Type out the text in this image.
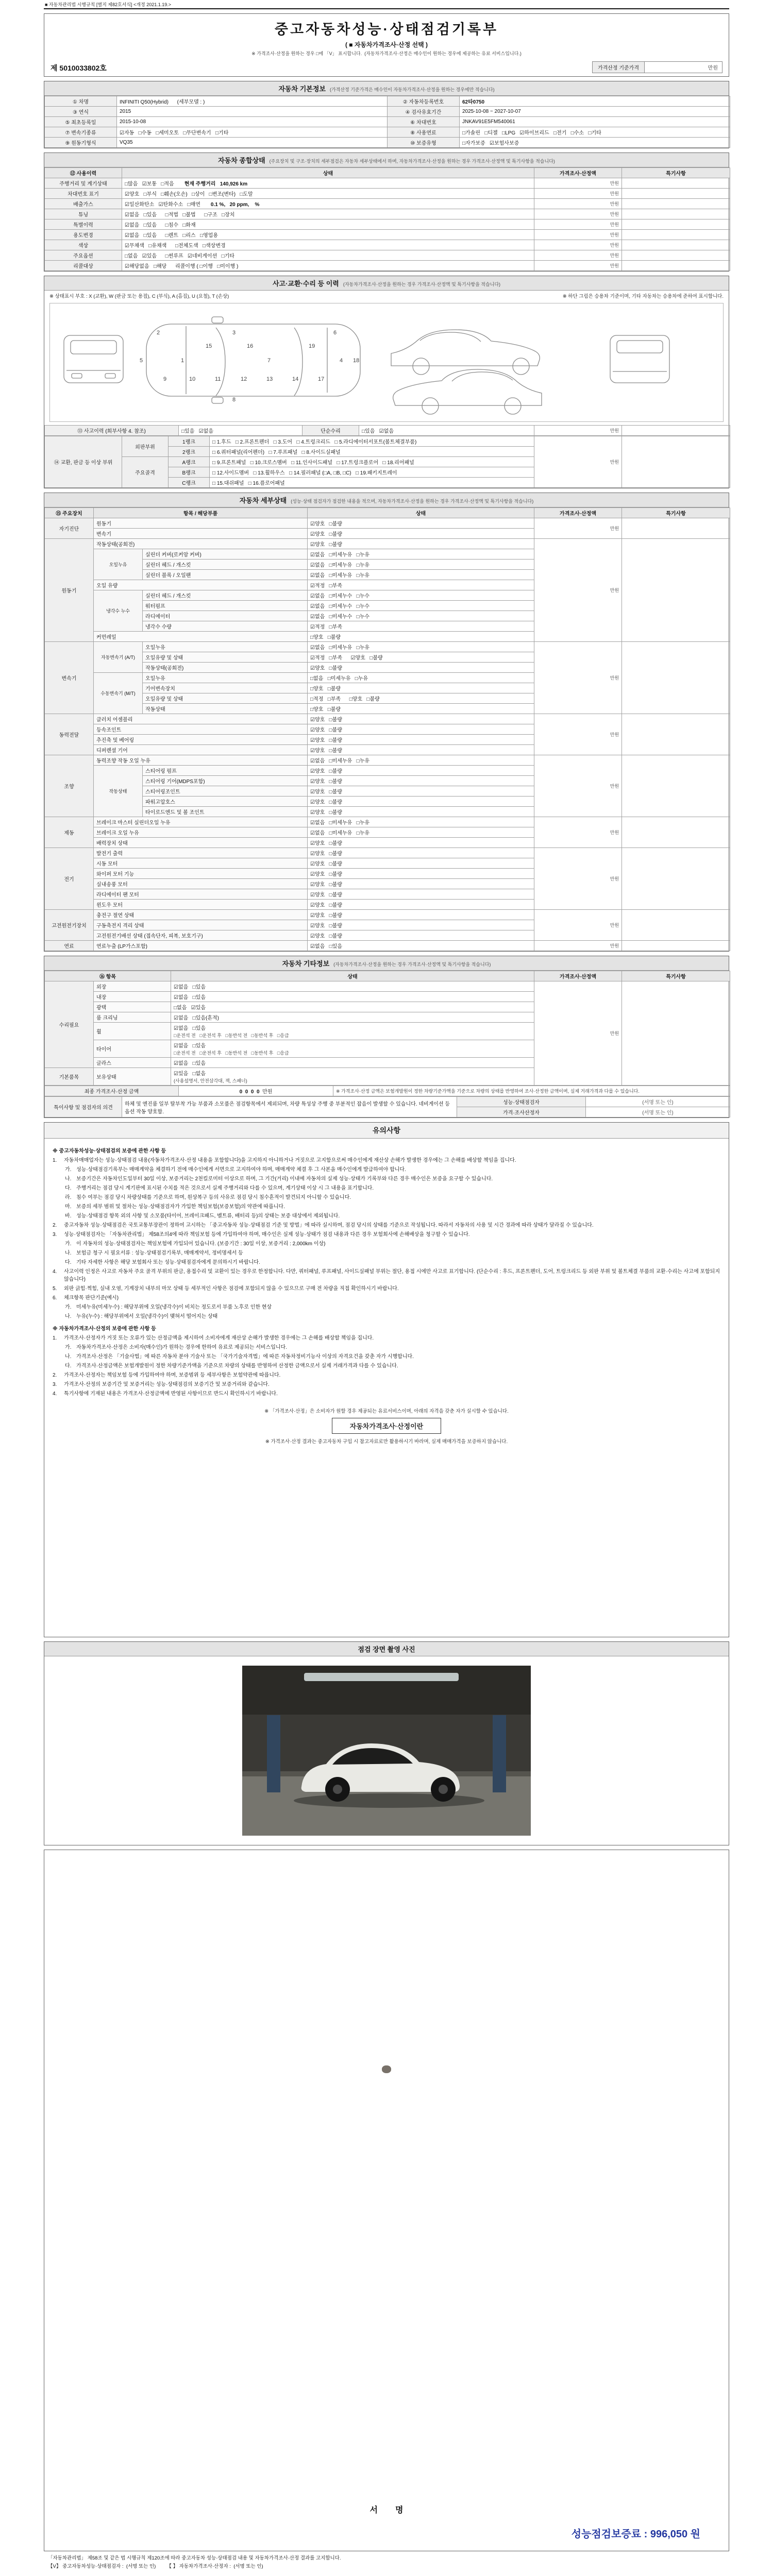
■ 자동차관리법 시행규칙 [별지 제82호서식] <개정 2021.1.19.>
중고자동차성능·상태점검기록부
( ■ 자동차가격조사·산정 선택 )
※ 가격조사·산정을 원하는 경우 □에 「V」 표시합니다.  (자동차가격조사·산정은 매수인이 원하는 경우에 제공하는 유료 서비스입니다.)
제 5010033802호	가격산정 기준가격	만원
자동차 기본정보 (가격산정 기준가격은 매수인이 자동차가격조사·산정을 원하는 경우에만 적습니다)
① 차명	INFINITI Q50(Hybrid)      (세부모델 : )	② 자동차등록번호	62타0750
③ 연식	2015	④ 검사유효기간	2025-10-08 ~ 2027-10-07
⑤ 최초등록일	2015-10-08	⑥ 차대번호	JNKAV91E5FM540061
⑦ 변속기종류	☑자동   □수동   □세미오토   □무단변속기   □기타	⑧ 사용연료	□가솔린   □디젤   □LPG   ☑하이브리드   □전기   □수소   □기타
⑨ 원동기형식	VQ35	⑩ 보증유형	□자가보증   ☑보험사보증
자동차 종합상태 (주요장치 및 구조·장치의 세부점검은 자동차 세부상태에서 하며, 자동차가격조사·산정을 원하는 경우 가격조사·산정액 및 특기사항을 적습니다)
⑫ 사용이력	상태	가격조사·산정액	특기사항
주행거리 및 계기상태	□많음   ☑보통   □적음 현재 주행거리   140,926 km	만원	
차대번호 표기	☑양호   □부식   □훼손(오손)   □상이   □변조(변타)   □도말	만원	
배출가스	☑일산화탄소   ☑탄화수소   □매연 0.1 %,   20 ppm,    %	만원	
튜닝	☑없음   □있음      □적법   □불법      □구조   □장치	만원	
특별이력	☑없음   □있음      □침수   □화재	만원	
용도변경	☑없음   □있음      □렌트   □리스   □영업용	만원	
색상	☑무채색   □유채색      □전체도색   □색상변경	만원	
주요옵션	□없음   ☑있음      □썬루프   ☑네비게이션   □기타	만원	
리콜대상	☑해당없음   □해당      리콜이행 ( □이행   □미이행 )	만원	
사고·교환·수리 등 이력 (자동차가격조사·산정을 원하는 경우 가격조사·산정액 및 특기사항을 적습니다)
※ 상태표시 부호 : X (교환), W (판금 또는 용접), C (부식), A (흠집), U (요철), T (손상)	※ 하단 그림은 승용차 기준이며, 기타 자동차는 승용차에 준하여 표시합니다.
1
2	3
4
5
6
7
8
9	10	11	12	13	14
15	16
17
18
19
⑬ 사고이력 (회부사항 4. 참조)	□있음   ☑없음	단순수리	□있음   ☑없음	만원	
⑭ 교환, 판금 등 이상 부위	외판부위	1랭크	□ 1.후드   □ 2.프론트펜더   □ 3.도어   □ 4.트렁크리드   □ 5.라디에이터서포트(볼트체결부품)	만원	
		2랭크	□ 6.쿼터패널(리어펜더)   □ 7.루프패널   □ 8.사이드실패널		
	주요골격	A랭크	□ 9.프론트패널   □ 10.크로스멤버   □ 11.인사이드패널   □ 17.트렁크플로어   □ 18.리어패널		
		B랭크	□ 12.사이드멤버   □ 13.휠하우스   □ 14.필러패널 (□A, □B, □C)   □ 19.패키지트레이		
		C랭크	□ 15.대쉬패널   □ 16.플로어패널		
자동차 세부상태 (성능·상태 점검자가 점검한 내용을 적으며, 자동차가격조사·산정을 원하는 경우 가격조사·산정액 및 특기사항을 적습니다)
⑮ 주요장치	항목 / 해당부품		상태	가격조사·산정액	특기사항
자기진단	원동기		☑양호   □불량	만원	
	변속기		☑양호   □불량		
원동기	작동상태(공회전)		☑양호   □불량	만원	
	오일누유	실린더 커버(로커암 커버)	☑없음   □미세누유   □누유		
		실린더 헤드 / 개스킷	☑없음   □미세누유   □누유		
		실린더 블록 / 오일팬	☑없음   □미세누유   □누유		
	오일 유량		☑적정   □부족		
	냉각수 누수	실린더 헤드 / 개스킷	☑없음   □미세누수   □누수		
		워터펌프	☑없음   □미세누수   □누수		
		라디에이터	☑없음   □미세누수   □누수		
		냉각수 수량	☑적정   □부족		
	커먼레일		□양호   □불량		
변속기	자동변속기 (A/T)	오일누유	☑없음   □미세누유   □누유	만원	
		오일유량 및 상태	☑적정   □부족      ☑양호   □불량		
		작동상태(공회전)	☑양호   □불량		
	수동변속기 (M/T)	오일누유	□없음   □미세누유   □누유		
		기어변속장치	□양호   □불량		
		오일유량 및 상태	□적정   □부족      □양호   □불량		
		작동상태	□양호   □불량		
동력전달	클러치 어셈블리		☑양호   □불량	만원	
	등속조인트		☑양호   □불량		
	추진축 및 베어링		☑양호   □불량		
	디퍼렌셜 기어		☑양호   □불량		
조향	동력조향 작동 오일 누유		☑없음   □미세누유   □누유	만원	
	작동상태	스티어링 펌프	☑양호   □불량		
		스티어링 기어(MDPS포함)	☑양호   □불량		
		스티어링조인트	☑양호   □불량		
		파워고압호스	☑양호   □불량		
		타이로드엔드 및 볼 조인트	☑양호   □불량		
제동	브레이크 마스터 실린더오일 누유		☑없음   □미세누유   □누유	만원	
	브레이크 오일 누유		☑없음   □미세누유   □누유		
	배력장치 상태		☑양호   □불량		
전기	발전기 출력		☑양호   □불량	만원	
	시동 모터		☑양호   □불량		
	와이퍼 모터 기능		☑양호   □불량		
	실내송풍 모터		☑양호   □불량		
	라디에이터 팬 모터		☑양호   □불량		
	윈도우 모터		☑양호   □불량		
고전원전기장치	충전구 절연 상태		☑양호   □불량	만원	
	구동축전지 격리 상태		☑양호   □불량		
	고전원전기배선 상태 (접속단자, 피복, 보호기구)		☑양호   □불량		
연료	연료누출 (LP가스포함)		☑없음   □있음	만원	
자동차 기타정보 (자동차가격조사·산정을 원하는 경우 가격조사·산정액 및 특기사항을 적습니다)
⑯ 항목		상태	가격조사·산정액	특기사항
수리필요	외장	☑없음   □있음	만원	
	내장	☑없음   □있음		
	광택	□없음   ☑있음		
	룸 크리닝	☑없음   □있음(흔적)		
	휠	☑없음   □있음
□운전석 전   □운전석 후   □동반석 전   □동반석 후   □응급		

	타이어	☑없음   □있음
□운전석 전   □운전석 후   □동반석 전   □동반석 후   □응급		

	글라스	☑없음   □있음		
기본품목	보유상태	☑있음   □없음
(사용설명서, 안전삼각대, 잭, 스패너)		
최종 가격조사·산정 금액	0  0  0  0 만원	※ 가격조사·산정 금액은 보험개발원이 정한 차량기준가액을 기준으로 차량의 상태를 반영하여 조사·산정한 금액이며, 실제 거래가격과 다를 수 있습니다.
특이사항 및 점검자의 의견	하체 및 엔진룸 일부 탈부착 가능 부품과 소모품은 점검항목에서 제외되며, 차량 특성상 주행 중 부분적인 잡음이 발생할 수 있습니다. 네비게이션 등 옵션 작동 양호함.	성능·상태점검자	(서명 또는 인)
		가격·조사산정자	(서명 또는 인)
유의사항
※ 중고자동차성능·상태점검의 보증에 관한 사항 등
1.	자동차매매업자는 성능·상태점검 내용(자동차가격조사·산정 내용을 포함합니다)을 고지하지 아니하거나 거짓으로 고지함으로써 매수인에게 재산상 손해가 발생한 경우에는 그 손해를 배상할 책임을 집니다.
가. 성능·상태점검기록부는 매매계약을 체결하기 전에 매수인에게 서면으로 고지하여야 하며, 매매계약 체결 후 그 사본을 매수인에게 발급하여야 합니다.
나. 보증기간은 자동차인도일부터 30일 이상, 보증거리는 2천킬로미터 이상으로 하며, 그 기간(거리) 이내에 자동차의 실제 성능·상태가 기록부와 다른 경우 매수인은 보증을 요구할 수 있습니다.
다. 주행거리는 점검 당시 계기판에 표시된 수치를 적은 것으로서 실제 주행거리와 다를 수 있으며, 계기상태 이상 시 그 내용을 표기합니다.
라. 침수 여부는 점검 당시 차량상태를 기준으로 하며, 원상복구 등의 사유로 점검 당시 침수흔적이 발견되지 아니할 수 있습니다.
마. 보증의 세부 범위 및 절차는 성능·상태점검자가 가입한 책임보험(보증보험)의 약관에 따릅니다.
바. 성능·상태점검 항목 외의 사항 및 소모품(타이어, 브레이크패드, 벨트류, 배터리 등)의 상태는 보증 대상에서 제외됩니다.
2.	중고자동차 성능·상태점검은 국토교통부장관이 정하여 고시하는 「중고자동차 성능·상태점검 기준 및 방법」에 따라 실시하며, 점검 당시의 상태를 기준으로 작성됩니다. 따라서 자동차의 사용 및 시간 경과에 따라 상태가 달라질 수 있습니다.
3.	성능·상태점검자는 「자동차관리법」 제58조의4에 따라 책임보험 등에 가입하여야 하며, 매수인은 실제 성능·상태가 점검 내용과 다른 경우 보험회사에 손해배상을 청구할 수 있습니다.
가. 이 자동차의 성능·상태점검자는 책임보험에 가입되어 있습니다. (보증기간 : 30일 이상, 보증거리 : 2,000km 이상)
나. 보험금 청구 시 필요서류 : 성능·상태점검기록부, 매매계약서, 정비명세서 등
다. 기타 자세한 사항은 해당 보험회사 또는 성능·상태점검자에게 문의하시기 바랍니다.
4.	사고이력 인정은 사고로 자동차 주요 골격 부위의 판금, 용접수리 및 교환이 있는 경우로 한정합니다. 다만, 쿼터패널, 루프패널, 사이드실패널 부위는 절단, 용접 시에만 사고로 표기합니다. (단순수리 : 후드, 프론트펜더, 도어, 트렁크리드 등 외판 부위 및 볼트체결 부품의 교환·수리는 사고에 포함되지 않습니다)
5.	외판 긁힘·찍힘, 실내 오염, 기계장치 내부의 마모 상태 등 세부적인 사항은 점검에 포함되지 않을 수 있으므로 구매 전 차량을 직접 확인하시기 바랍니다.
6.	체크항목 판단기준(예시)
가. 미세누유(미세누수) : 해당부위에 오일(냉각수)이 비치는 정도로서 부품 노후로 인한 현상
나. 누유(누수) : 해당부위에서 오일(냉각수)이 맺혀서 떨어지는 상태
※ 자동차가격조사·산정의 보증에 관한 사항 등
1.	가격조사·산정자가 거짓 또는 오류가 있는 산정금액을 제시하여 소비자에게 재산상 손해가 발생한 경우에는 그 손해를 배상할 책임을 집니다.
가. 자동차가격조사·산정은 소비자(매수인)가 원하는 경우에 한하여 유료로 제공되는 서비스입니다.
나. 가격조사·산정은 「기술사법」에 따른 자동차 분야 기술사 또는 「국가기술자격법」에 따른 자동차정비기능사 이상의 자격요건을 갖춘 자가 시행합니다.
다. 가격조사·산정금액은 보험개발원이 정한 차량기준가액을 기준으로 차량의 상태를 반영하여 산정한 금액으로서 실제 거래가격과 다를 수 있습니다.
2.	가격조사·산정자는 책임보험 등에 가입하여야 하며, 보증범위 등 세부사항은 보험약관에 따릅니다.
3.	가격조사·산정의 보증기간 및 보증거리는 성능·상태점검의 보증기간 및 보증거리와 같습니다.
4.	특기사항에 기재된 내용은 가격조사·산정금액에 반영된 사항이므로 반드시 확인하시기 바랍니다.
※ 「가격조사·산정」은 소비자가 원할 경우 제공되는 유료서비스이며, 아래의 자격을 갖춘 자가 실시할 수 있습니다.
자동차가격조사·산정이란
※ 가격조사·산정 결과는 중고자동차 구입 시 참고자료로만 활용하시기 바라며, 실제 매매가격을 보증하지 않습니다.
점검 장면 촬영 사진
서명
성능점검보증료 : 996,050 원
「자동차관리법」 제58조 및 같은 법 시행규칙 제120조에 따라 중고자동차 성능·상태점검 내용 및 자동차가격조사·산정 결과를 고지합니다.
【V】 중고자동차성능·상태점검자 :  (서명 또는 인)        【 】 자동차가격조사·산정자 :  (서명 또는 인)
